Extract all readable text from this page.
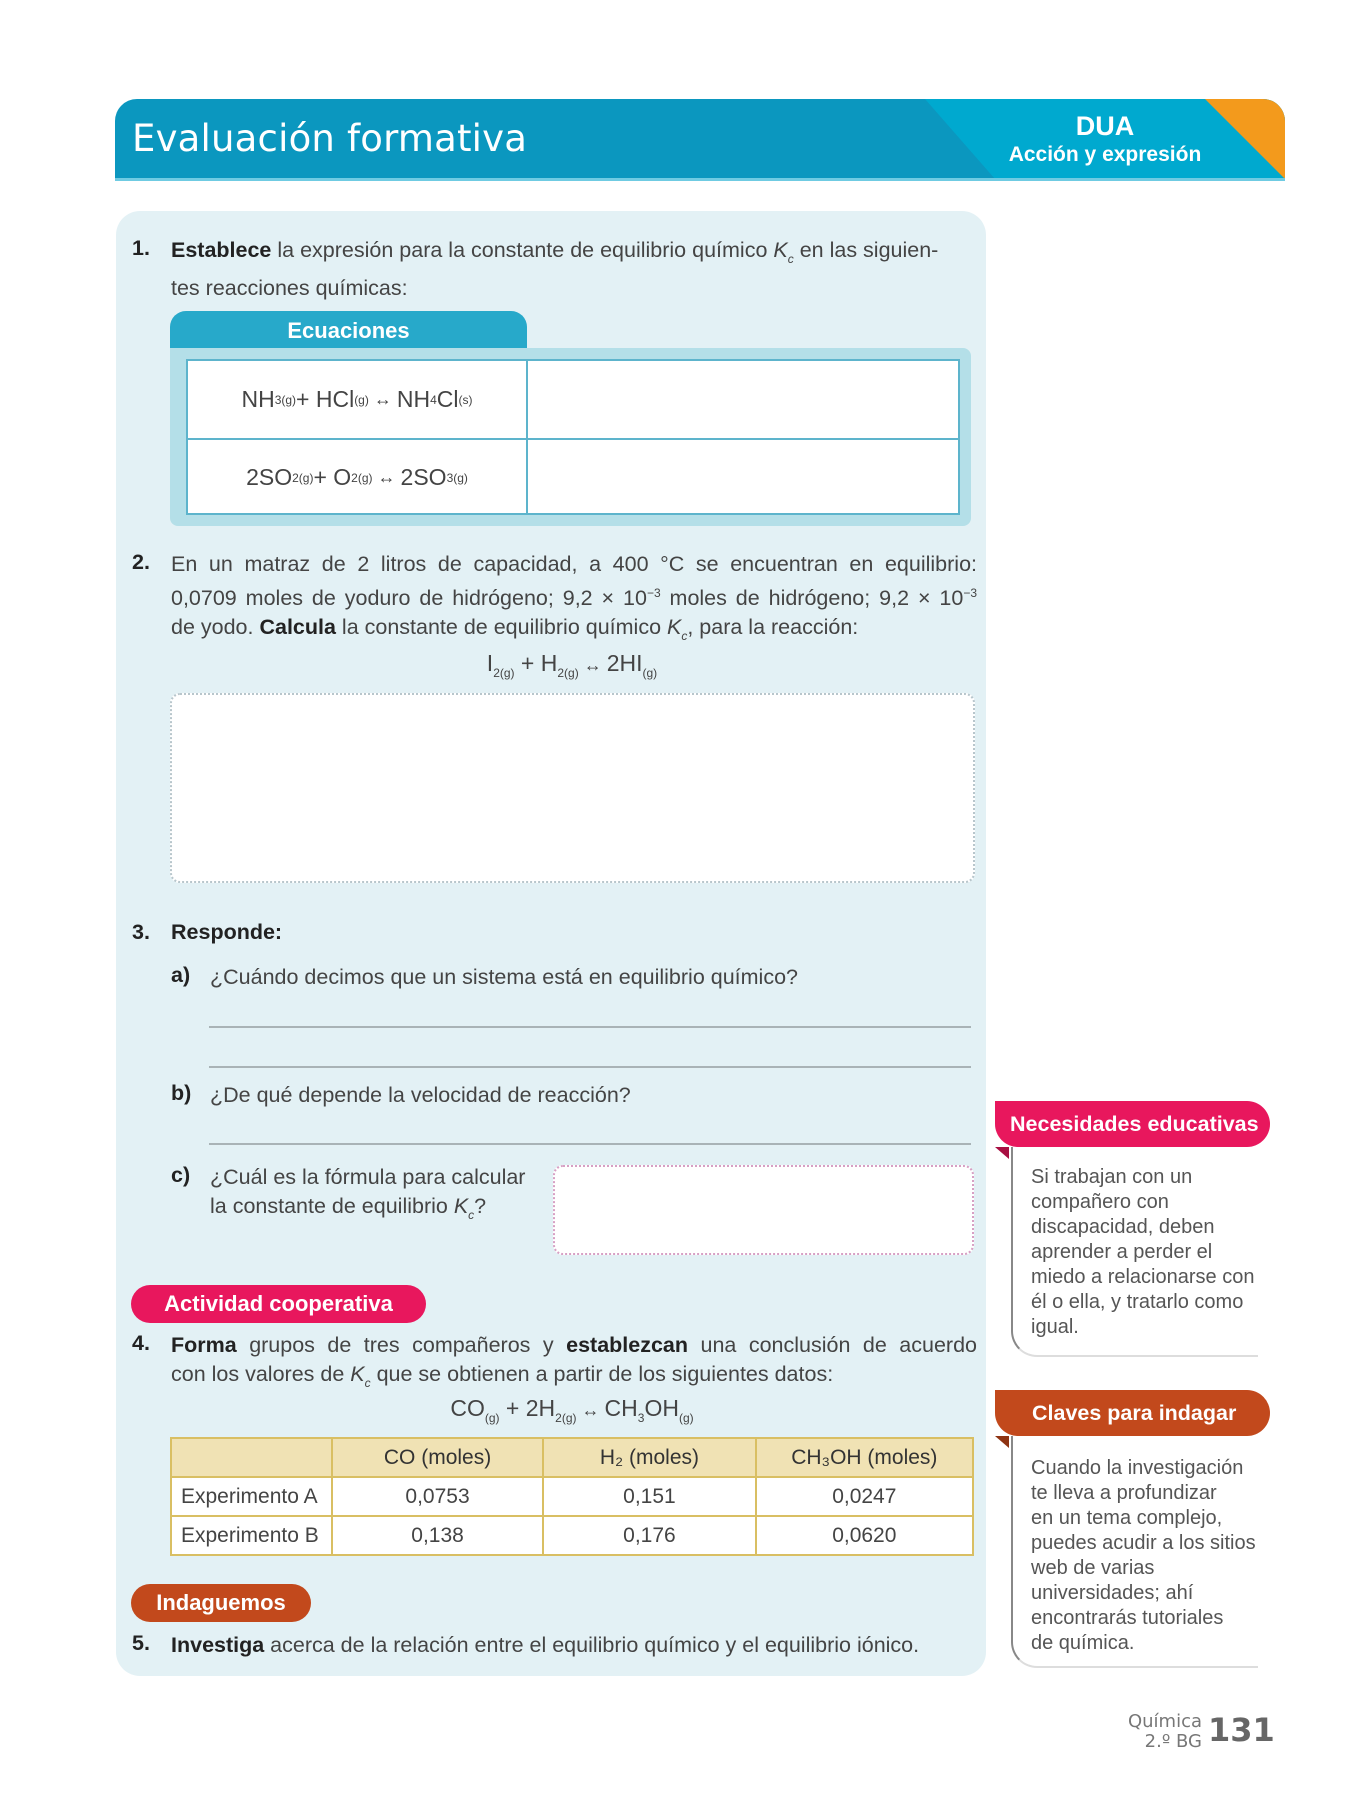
Evaluación formativa	DUA
Acción y expresión
1. Establece la expresión para la constante de equilibrio químico $K_c$ en las siguien-
tes reacciones químicas:
Ecuaciones
NH 3(g) + HCl (g) ↔ NH 4 Cl (s)
2SO 2(g) + O 2(g) ↔ 2SO 3(g)
2. En un matraz de 2 litros de capacidad, a 400 °C se encuentran en equilibrio:
0,0709 moles de yoduro de hidrógeno; $9,2 \times 10^{-3}$ moles de hidrógeno; $9,2 \times 10^{-3}$
de yodo. Calcula la constante de equilibrio químico $K_c$, para la reacción:
$I_{2(g)} + H_{2(g)}$ ↔ $2HI_{(g)}$
3. Responde:
a) ¿Cuándo decimos que un sistema está en equilibrio químico?
b) ¿De qué depende la velocidad de reacción?
c) ¿Cuál es la fórmula para calcular
la constante de equilibrio $K_c$?
Actividad cooperativa
4. Forma grupos de tres compañeros y establezcan una conclusión de acuerdo
con los valores de $K_c$ que se obtienen a partir de los siguientes datos:
$CO_{(g)} + 2H_{2(g)}$ ↔ $CH_3OH_{(g)}$
	CO (moles)	H₂ (moles)	CH₃OH (moles)
Experimento A	0,0753	0,151	0,0247
Experimento B	0,138	0,176	0,0620
Indaguemos
5. Investiga acerca de la relación entre el equilibrio químico y el equilibrio iónico.
Necesidades educativas
Si trabajan con un
compañero con
discapacidad, deben
aprender a perder el
miedo a relacionarse con
él o ella, y tratarlo como
igual.
Claves para indagar
Cuando la investigación
te lleva a profundizar
en un tema complejo,
puedes acudir a los sitios
web de varias
universidades; ahí
encontrarás tutoriales
de química.
Química
2.º BG 131
